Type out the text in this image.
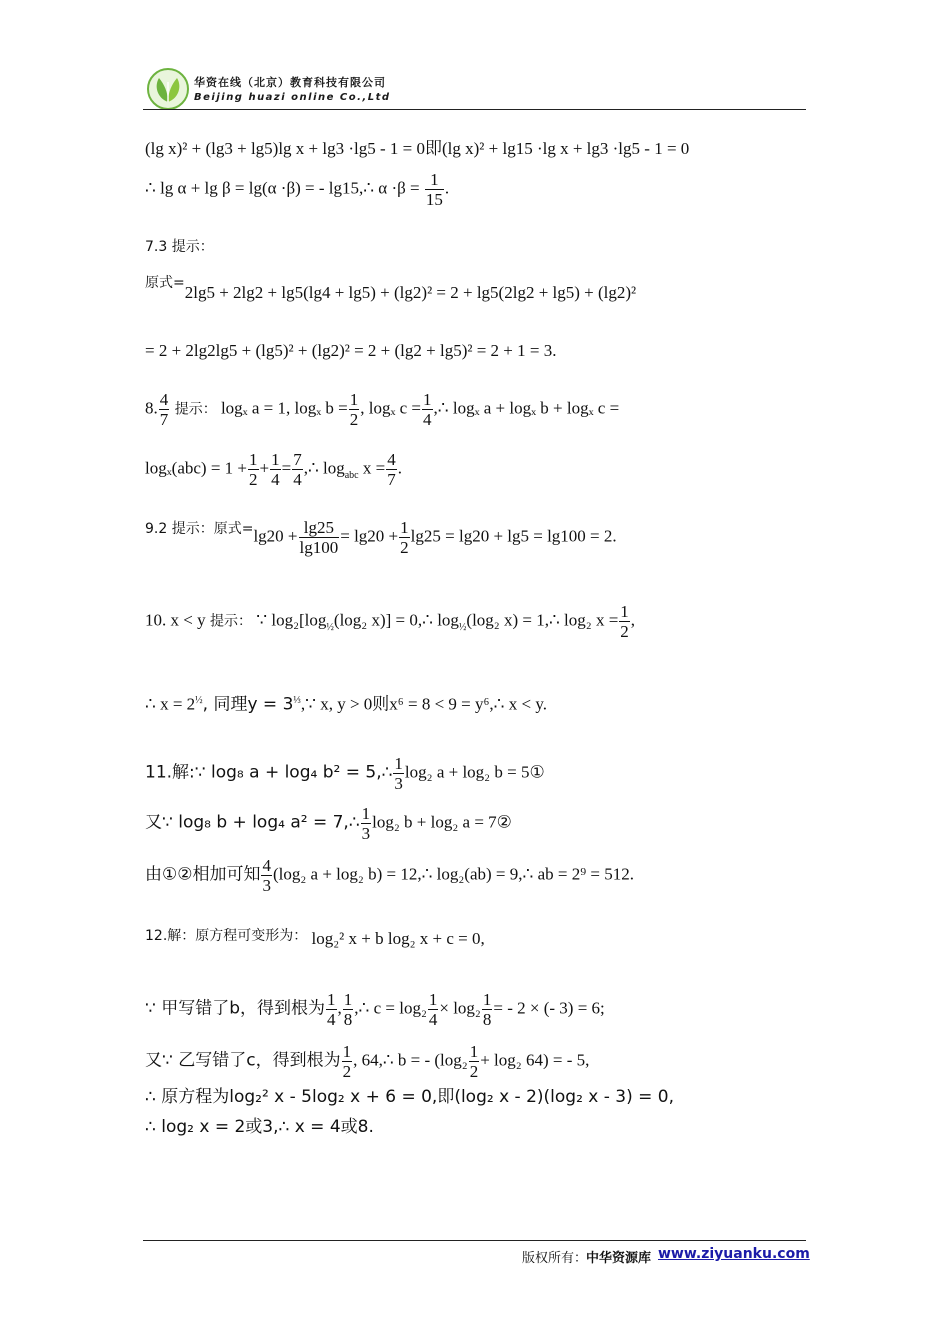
华资在线（北京）教育科技有限公司
Beijing huazi online Co.,Ltd
(lg x)² + (lg3 + lg5)lg x + lg3 ·lg5 - 1 = 0即(lg x)² + lg15 ·lg x + lg3 ·lg5 - 1 = 0
∴ lg α + lg β = lg(α ·β) = - lg15,∴ $\alpha \cdot\beta = \frac{1}{15}$ .
7.3 提示：
$^{原式=}$2lg5 + 2lg2 + lg5(lg4 + lg5) + (lg2)² = 2 + lg5(2lg2 + lg5) + (lg2)²
= 2 + 2lg2lg5 + (lg5)² + (lg2)² = 2 + (lg2 + lg5)² = 2 + 1 = 3.
8. $\frac{4}{7}$ 提示： logₓ a = 1, logₓ $b = \frac{1}{2}$ , logₓ $c = \frac{1}{4}$ ,∴ logₓ a + logₓ b + logₓ c =
$\log_x(abc) = 1 + \frac{1}{2} + \frac{1}{4} = \frac{7}{4}$ ,∴ $\log_{abc} x = \frac{4}{7}$ .
$^{9.2 提示:原式=}\lg 20 + \frac{\lg 25}{\lg 100} = \lg 20 + \frac{1}{2} \lg 25 = \lg 20 + \lg 5 = \lg 100 = 2$.
10. x < y 提示： ∵ $\log_2[\log_{\frac{1}{2}}(\log_2$ x)] = 0,∴ $\log_{\frac{1}{2}}(\log_2$ x) = 1,∴ log₂ $x = \frac{1}{2}$ ,
∴ $x = 2^{\frac{1}{2}}$, 同理$y = 3^{\frac{1}{3}},\because$ x, y > 0则x⁶ = 8 < 9 = y⁶,∴ x < y.
11.解:∵ log₈ a + log₄ b² = 5,∴ $\frac{1}{3} \log_2$ a + log₂ b = 5①
又∵ log₈ b + log₄ a² = 7,∴ $\frac{1}{3} \log_2$ b + log₂ a = 7②
由①②相加可知 $\frac{4}{3} (\log_2$ a + log₂ b) = 12,∴ log₂(ab) = 9,∴ ab = 2⁹ = 512.
12.解：原方程可变形为： log₂² x + b log₂ x + c = 0,
∵ 甲写错了b，得到根为 $\frac{1}{4}$ , $\frac{1}{8}$ ,∴ $c = \log_2 \frac{1}{4} \times \log_2 \frac{1}{8}$ = - 2 × (- 3) = 6;
又∵ 乙写错了c，得到根为 $\frac{1}{2}$ , 64,∴ b = - ($\log_2 \frac{1}{2} + \log_2$ 64) = - 5,
∴ 原方程为log₂² x - 5log₂ x + 6 = 0,即(log₂ x - 2)(log₂ x - 3) = 0,
∴ log₂ x = 2或3,∴ x = 4或8.
版权所有：
中华资源库 www.ziyuanku.com
